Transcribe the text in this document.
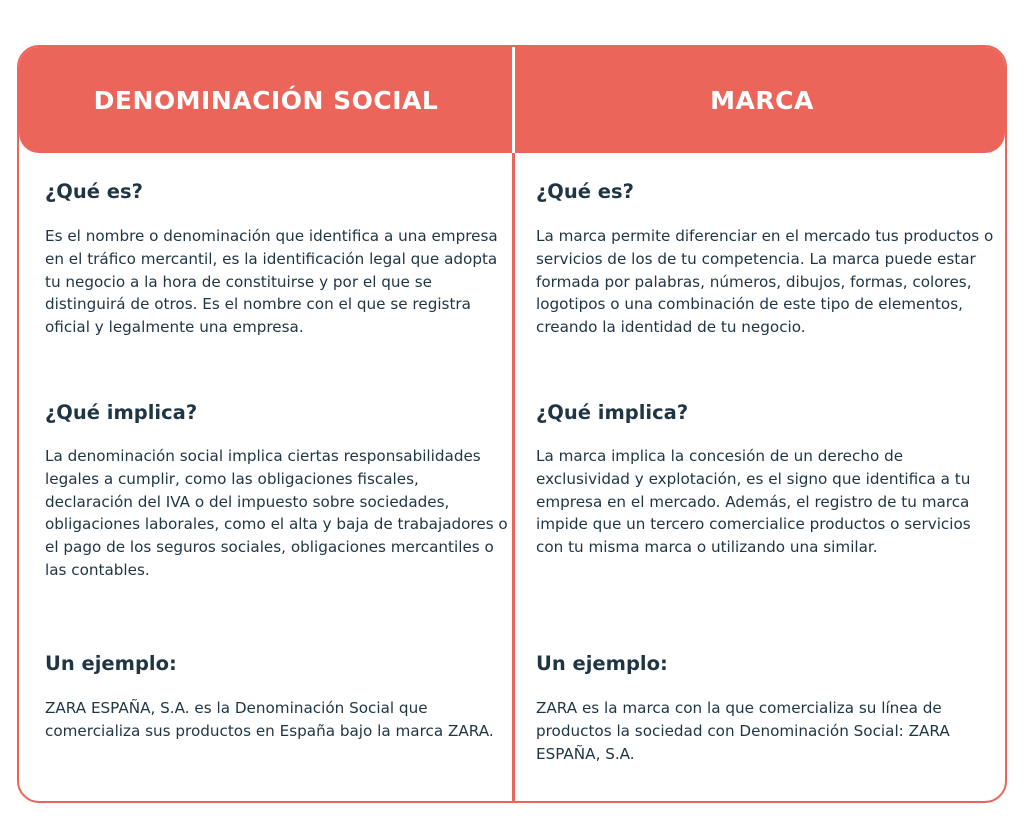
DENOMINACIÓN SOCIAL	MARCA
¿Qué es?
Es el nombre o denominación que identifica a una empresa en el tráfico mercantil, es la identificación legal que adopta tu negocio a la hora de constituirse y por el que se distinguirá de otros. Es el nombre con el que se registra oficial y legalmente una empresa.
¿Qué implica?
La denominación social implica ciertas responsabilidades legales a cumplir, como las obligaciones fiscales, declaración del IVA o del impuesto sobre sociedades, obligaciones laborales, como el alta y baja de trabajadores o el pago de los seguros sociales, obligaciones mercantiles o las contables.
Un ejemplo:
ZARA ESPAÑA, S.A. es la Denominación Social que comercializa sus productos en España bajo la marca ZARA.
¿Qué es?
La marca permite diferenciar en el mercado tus productos o servicios de los de tu competencia. La marca puede estar formada por palabras, números, dibujos, formas, colores, logotipos o una combinación de este tipo de elementos, creando la identidad de tu negocio.
¿Qué implica?
La marca implica la concesión de un derecho de exclusividad y explotación, es el signo que identifica a tu empresa en el mercado. Además, el registro de tu marca impide que un tercero comercialice productos o servicios con tu misma marca o utilizando una similar.
Un ejemplo:
ZARA es la marca con la que comercializa su línea de productos la sociedad con Denominación Social: ZARA ESPAÑA, S.A.
